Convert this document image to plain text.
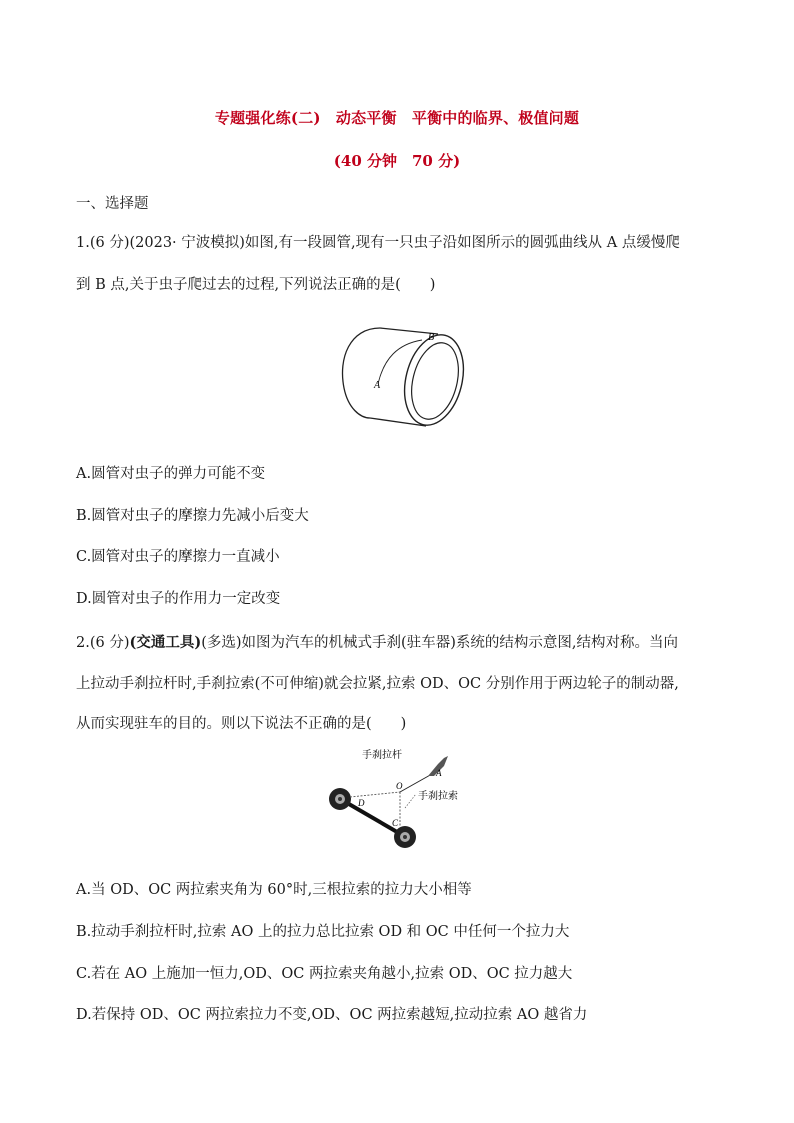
专题强化练(二)　动态平衡　平衡中的临界、极值问题
(40 分钟　70 分)
一、选择题
1.(6 分)(2023· 宁波模拟)如图,有一段圆管,现有一只虫子沿如图所示的圆弧曲线从 A 点缓慢爬
到 B 点,关于虫子爬过去的过程,下列说法正确的是(　　)
A
B
A.圆管对虫子的弹力可能不变
B.圆管对虫子的摩擦力先减小后变大
C.圆管对虫子的摩擦力一直减小
D.圆管对虫子的作用力一定改变
2.(6 分)(交通工具)(多选)如图为汽车的机械式手刹(驻车器)系统的结构示意图,结构对称。当向
上拉动手刹拉杆时,手刹拉索(不可伸缩)就会拉紧,拉索 OD、OC 分别作用于两边轮子的制动器,
从而实现驻车的目的。则以下说法不正确的是(　　)
手刹拉杆
手刹拉索
O
A
C
D
A.当 OD、OC 两拉索夹角为 60°时,三根拉索的拉力大小相等
B.拉动手刹拉杆时,拉索 AO 上的拉力总比拉索 OD 和 OC 中任何一个拉力大
C.若在 AO 上施加一恒力,OD、OC 两拉索夹角越小,拉索 OD、OC 拉力越大
D.若保持 OD、OC 两拉索拉力不变,OD、OC 两拉索越短,拉动拉索 AO 越省力
